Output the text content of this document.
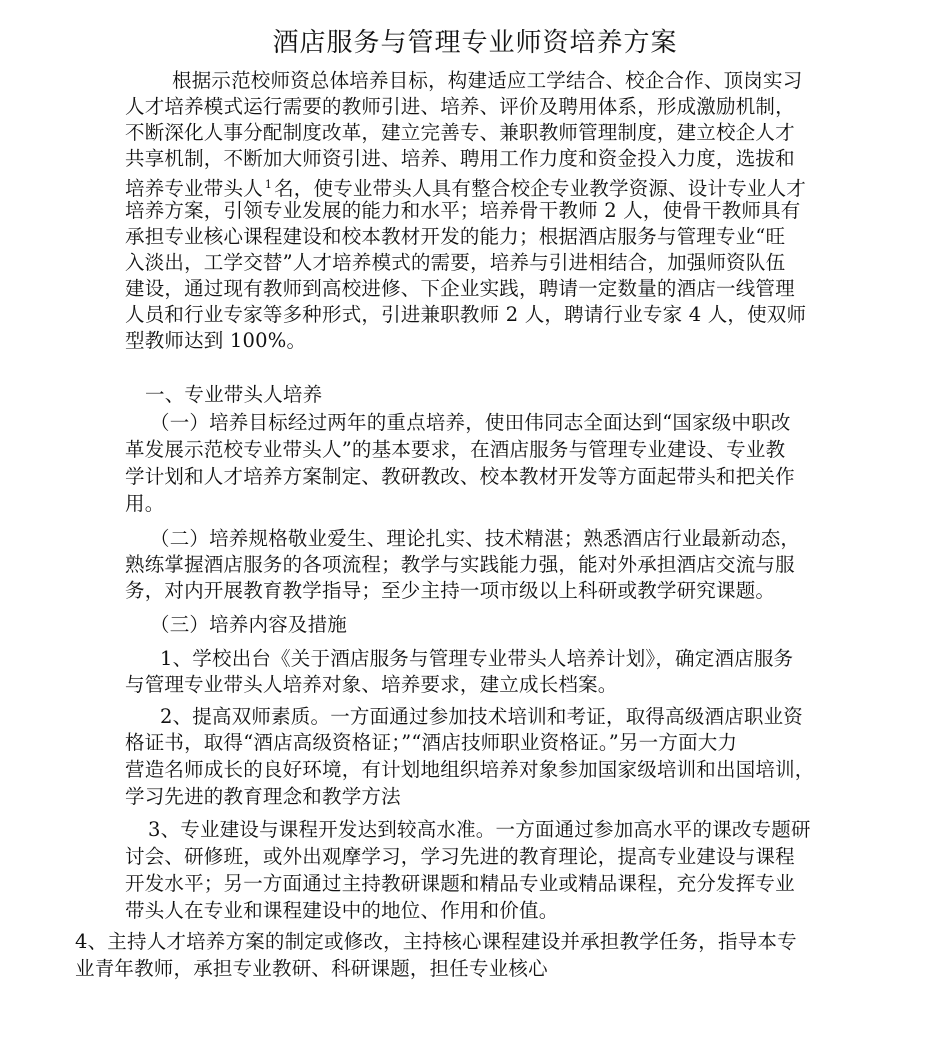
酒店服务与管理专业师资培养方案
根据示范校师资总体培养目标，构建适应工学结合、校企合作、顶岗实习
人才培养模式运行需要的教师引进、培养、评价及聘用体系，形成激励机制，
不断深化人事分配制度改革，建立完善专、兼职教师管理制度，建立校企人才
共享机制，不断加大师资引进、培养、聘用工作力度和资金投入力度，选拔和
培养专业带头人 $^1$ 名，使专业带头人具有整合校企专业教学资源、设计专业人才
培养方案，引领专业发展的能力和水平；培养骨干教师 2 人，使骨干教师具有
承担专业核心课程建设和校本教材开发的能力；根据酒店服务与管理专业“旺
入淡出，工学交替”人才培养模式的需要，培养与引进相结合，加强师资队伍
建设，通过现有教师到高校进修、下企业实践，聘请一定数量的酒店一线管理
人员和行业专家等多种形式，引进兼职教师 2 人，聘请行业专家 4 人，使双师
型教师达到 100%。
一、专业带头人培养
（一）培养目标经过两年的重点培养，使田伟同志全面达到“国家级中职改
革发展示范校专业带头人”的基本要求，在酒店服务与管理专业建设、专业教
学计划和人才培养方案制定、教研教改、校本教材开发等方面起带头和把关作
用。
（二）培养规格敬业爱生、理论扎实、技术精湛；熟悉酒店行业最新动态，
熟练掌握酒店服务的各项流程；教学与实践能力强，能对外承担酒店交流与服
务，对内开展教育教学指导；至少主持一项市级以上科研或教学研究课题。
（三）培养内容及措施
1、学校出台《关于酒店服务与管理专业带头人培养计划》，确定酒店服务
与管理专业带头人培养对象、培养要求，建立成长档案。
2、提高双师素质。一方面通过参加技术培训和考证，取得高级酒店职业资
格证书，取得“酒店高级资格证；”“酒店技师职业资格证。”另一方面大力
营造名师成长的良好环境，有计划地组织培养对象参加国家级培训和出国培训，
学习先进的教育理念和教学方法
3、专业建设与课程开发达到较高水准。一方面通过参加高水平的课改专题研
讨会、研修班，或外出观摩学习，学习先进的教育理论，提高专业建设与课程
开发水平；另一方面通过主持教研课题和精品专业或精品课程，充分发挥专业
带头人在专业和课程建设中的地位、作用和价值。
4、主持人才培养方案的制定或修改，主持核心课程建设并承担教学任务，指导本专
业青年教师，承担专业教研、科研课题，担任专业核心
